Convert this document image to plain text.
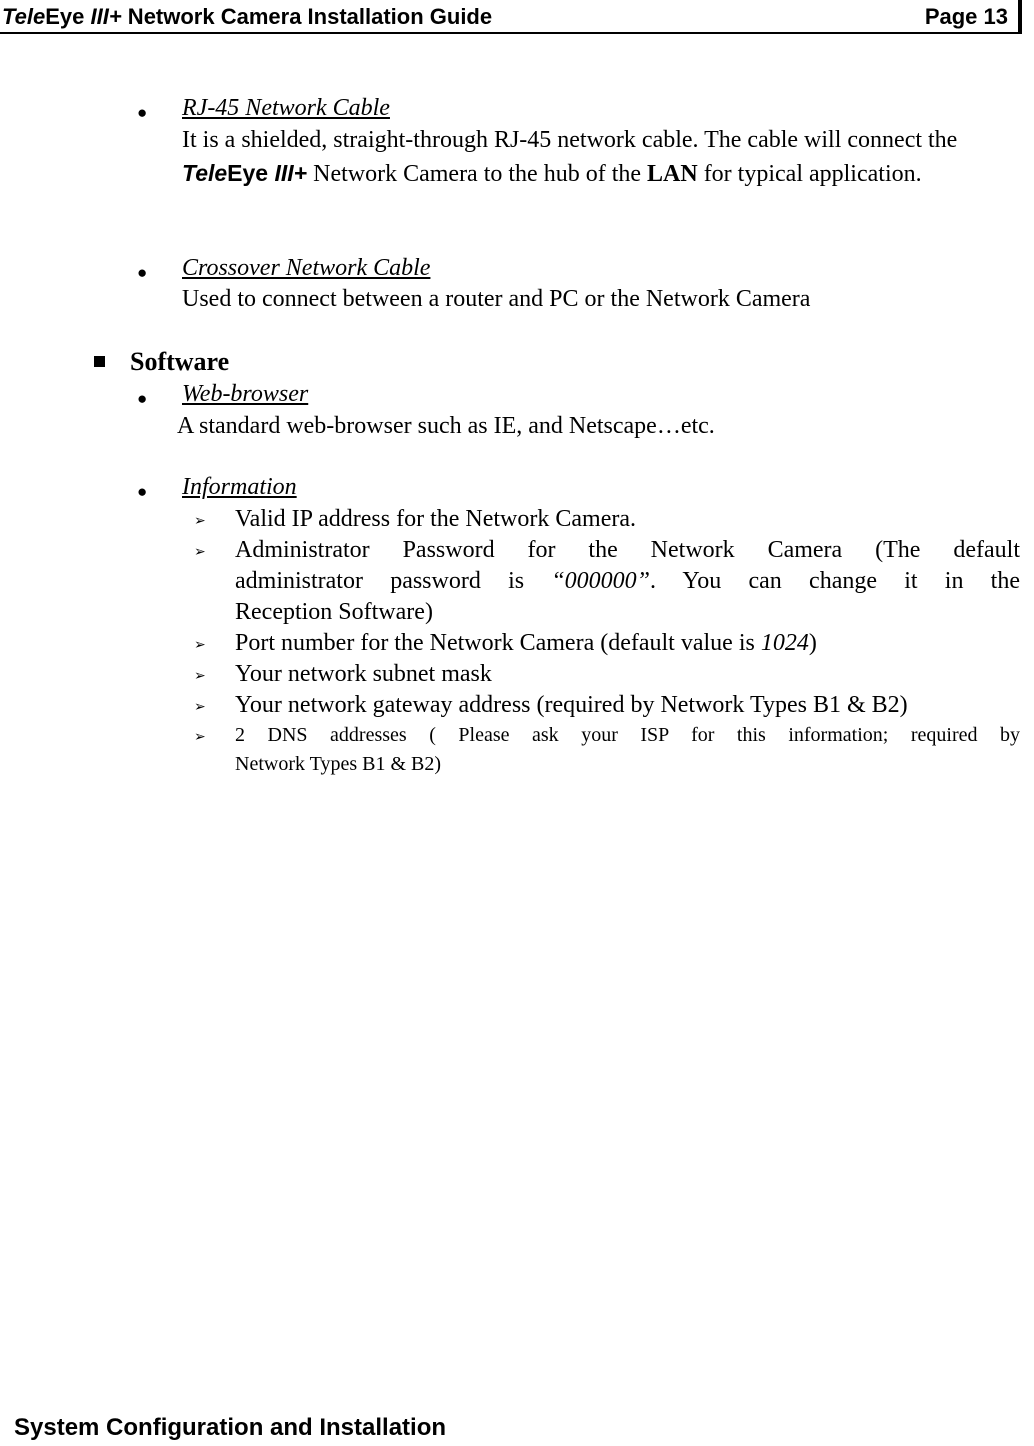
TeleEye III+ Network Camera Installation Guide	Page 13
● RJ-45 Network Cable
It is a shielded, straight-through RJ-45 network cable. The cable will connect the TeleEye III+ Network Camera to the hub of the LAN for typical application.
● Crossover Network Cable
Used to connect between a router and PC or the Network Camera
Software
● Web-browser
A standard web-browser such as IE, and Netscape…etc.
● Information
➢ Valid IP address for the Network Camera.
➢ Administrator Password for the Network Camera (The default
administrator password is “000000”. You can change it in the
Reception Software)
➢ Port number for the Network Camera (default value is 1024)
➢ Your network subnet mask
➢ Your network gateway address (required by Network Types B1 & B2)
➢ 2 DNS addresses ( Please ask your ISP for this information; required by
Network Types B1 & B2)
System Configuration and Installation
